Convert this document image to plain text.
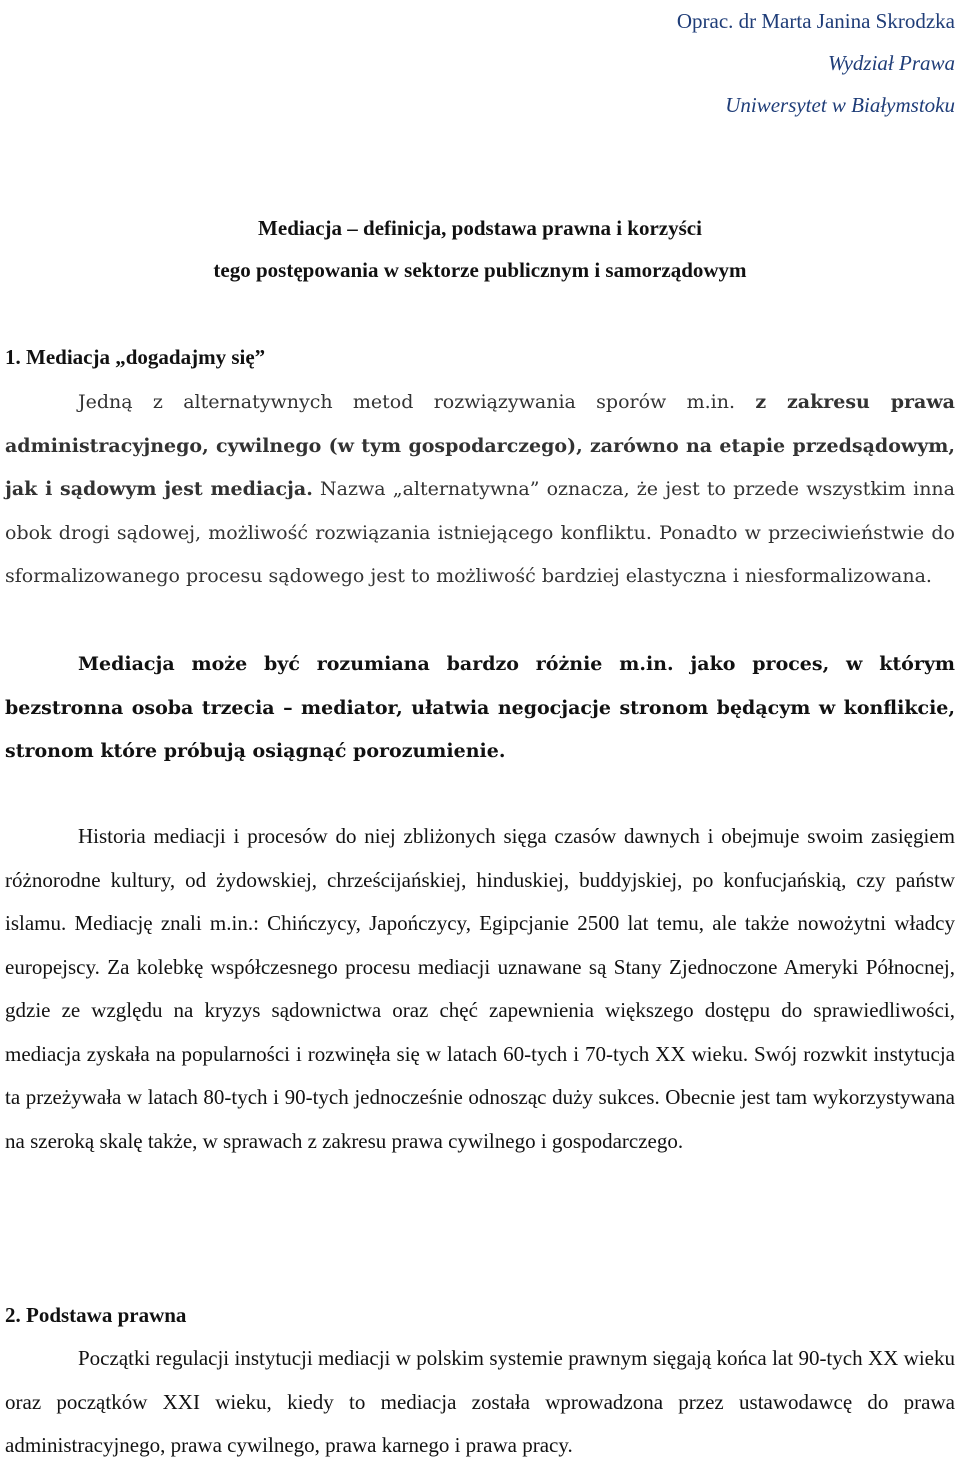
Oprac. dr Marta Janina Skrodzka
Wydział Prawa
Uniwersytet w Białymstoku
Mediacja – definicja, podstawa prawna i korzyści
tego postępowania w sektorze publicznym i samorządowym
1. Mediacja „dogadajmy się”

Jedną z alternatywnych metod rozwiązywania sporów m.in. z zakresu prawa administracyjnego, cywilnego (w tym gospodarczego), zarówno na etapie przedsądowym, jak i sądowym jest mediacja. Nazwa „alternatywna” oznacza, że jest to przede wszystkim inna obok drogi sądowej, możliwość rozwiązania istniejącego konfliktu. Ponadto w przeciwieństwie do sformalizowanego procesu sądowego jest to możliwość bardziej elastyczna i niesformalizowana.

Mediacja może być rozumiana bardzo różnie m.in. jako proces, w którym bezstronna osoba trzecia – mediator, ułatwia negocjacje stronom będącym w konflikcie, stronom które próbują osiągnąć porozumienie.

Historia mediacji i procesów do niej zbliżonych sięga czasów dawnych i obejmuje swoim zasięgiem różnorodne kultury, od żydowskiej, chrześcijańskiej, hinduskiej, buddyjskiej, po konfucjańskią, czy państw islamu. Mediację znali m.in.: Chińczycy, Japończycy, Egipcjanie 2500 lat temu, ale także nowożytni władcy europejscy. Za kolebkę współczesnego procesu mediacji uznawane są Stany Zjednoczone Ameryki Północnej, gdzie ze względu na kryzys sądownictwa oraz chęć zapewnienia większego dostępu do sprawiedliwości, mediacja zyskała na popularności i rozwinęła się w latach 60-tych i 70-tych XX wieku. Swój rozwkit instytucja ta przeżywała w latach 80-tych i 90-tych jednocześnie odnosząc duży sukces. Obecnie jest tam wykorzystywana na szeroką skalę także, w sprawach z zakresu prawa cywilnego i gospodarczego.

2. Podstawa prawna

Początki regulacji instytucji mediacji w polskim systemie prawnym sięgają końca lat 90-tych XX wieku oraz początków XXI wieku, kiedy to mediacja została wprowadzona przez ustawodawcę do prawa administracyjnego, prawa cywilnego, prawa karnego i prawa pracy.
